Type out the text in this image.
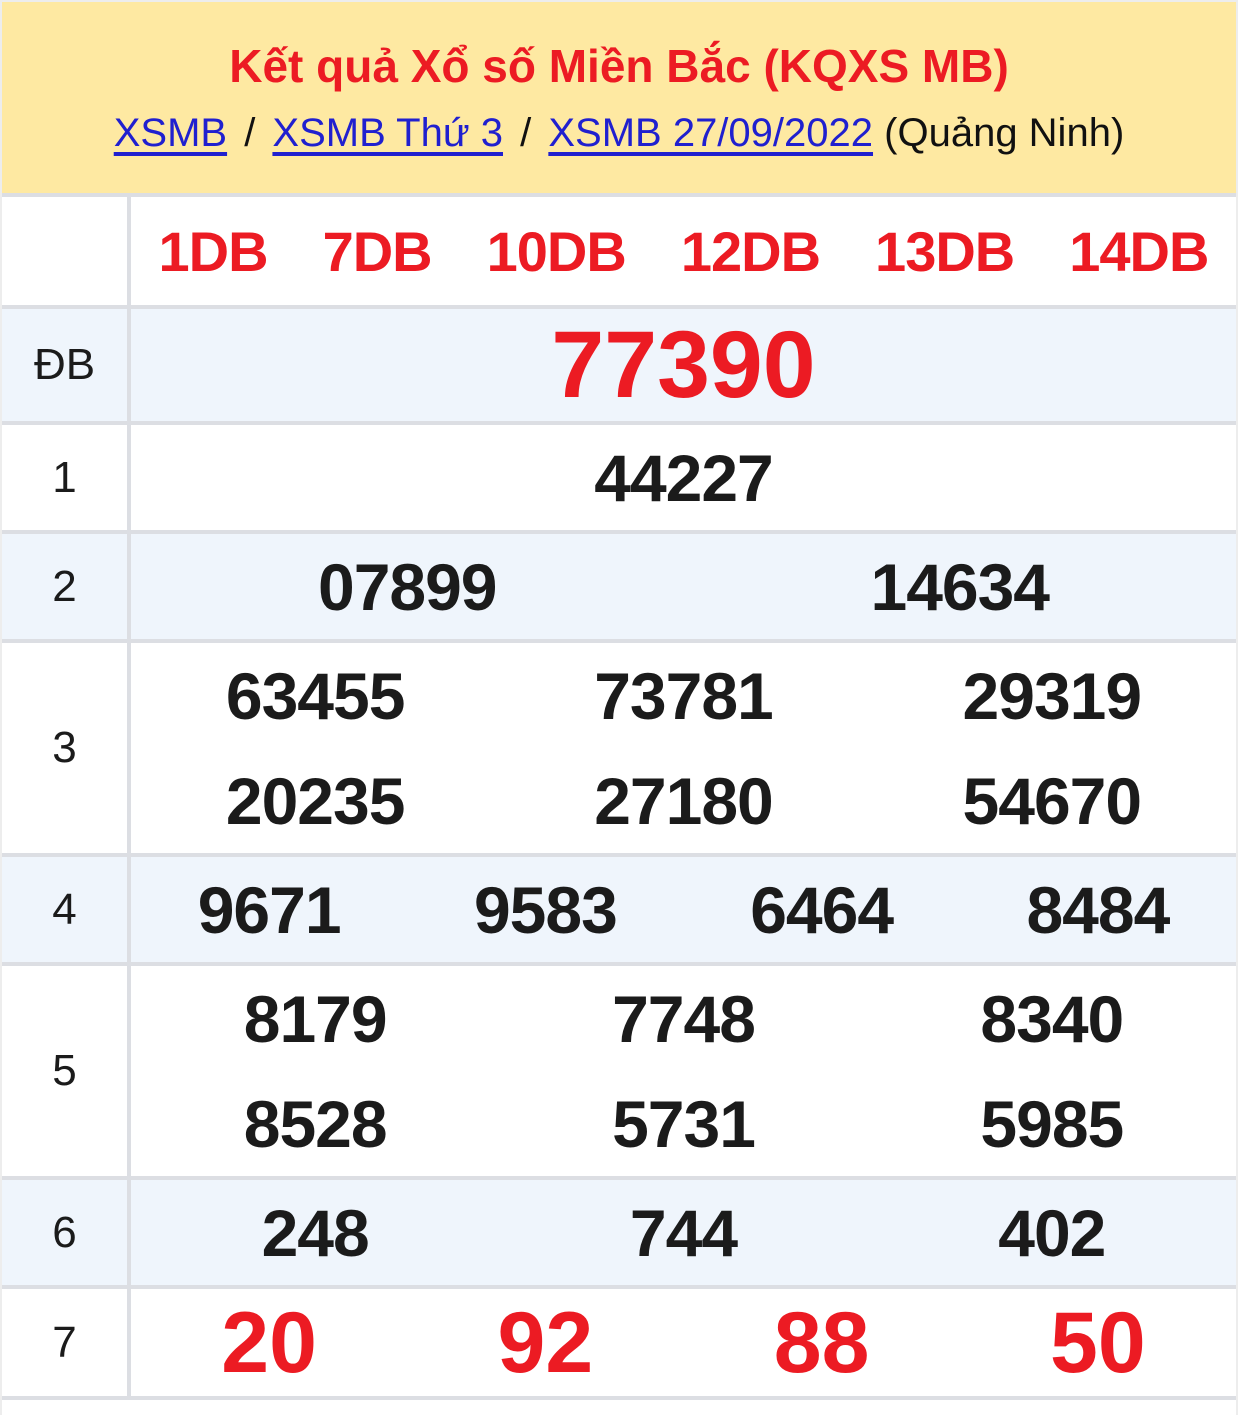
Kết quả Xổ số Miền Bắc (KQXS MB)
XSMB / XSMB Thứ 3 / XSMB 27/09/2022 (Quảng Ninh)
1DB 7DB 10DB 12DB 13DB 14DB
ĐB	77390
1	44227
2	07899	14634
3
63455	73781	29319
20235	27180	54670
4	9671 9583 6464 8484
5
8179	7748	8340
8528	5731	5985
6	248	744	402
7	20 92 88 50
